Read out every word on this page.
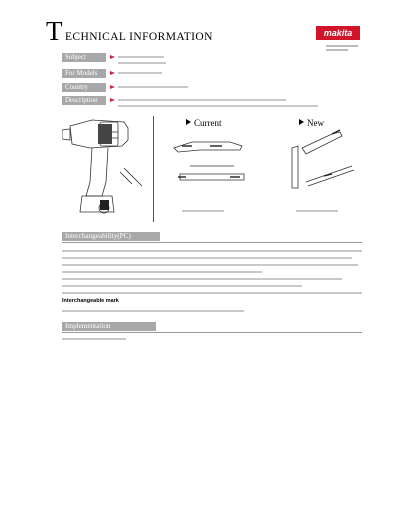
T ECHNICAL INFORMATION	makita
Subject
For Models
Country
Description
Current	New
Interchangeability(PC)
Interchangeable mark
Implementation
